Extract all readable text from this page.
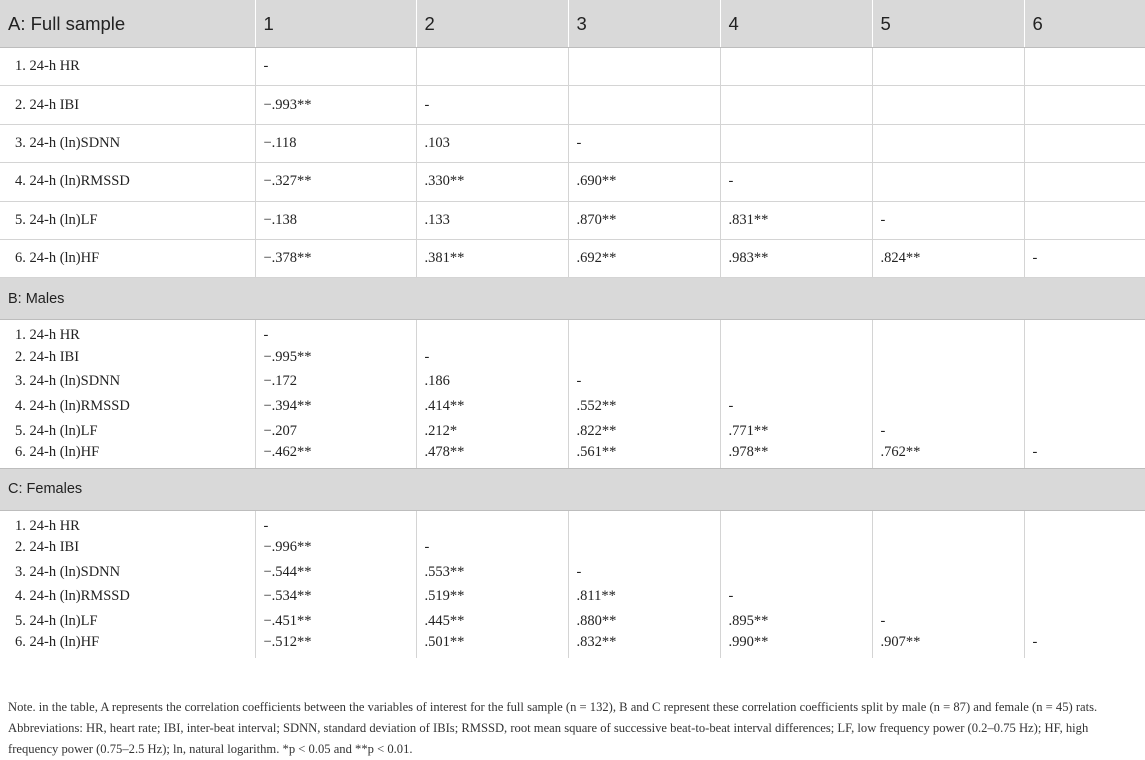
A: Full sample	1	2	3	4	5	6
1. 24-h HR	-					
2. 24-h IBI	−.993**	-				
3. 24-h (ln)SDNN	−.118	.103	-			
4. 24-h (ln)RMSSD	−.327**	.330**	.690**	-		
5. 24-h (ln)LF	−.138	.133	.870**	.831**	-	
6. 24-h (ln)HF	−.378**	.381**	.692**	.983**	.824**	-
B: Males						
1. 24-h HR	-					
2. 24-h IBI	−.995**	-				
3. 24-h (ln)SDNN	−.172	.186	-			
4. 24-h (ln)RMSSD	−.394**	.414**	.552**	-		
5. 24-h (ln)LF	−.207	.212*	.822**	.771**	-	
6. 24-h (ln)HF	−.462**	.478**	.561**	.978**	.762**	-
C: Females						
1. 24-h HR	-					
2. 24-h IBI	−.996**	-				
3. 24-h (ln)SDNN	−.544**	.553**	-			
4. 24-h (ln)RMSSD	−.534**	.519**	.811**	-		
5. 24-h (ln)LF	−.451**	.445**	.880**	.895**	-	
6. 24-h (ln)HF	−.512**	.501**	.832**	.990**	.907**	-
Note. in the table, A represents the correlation coefficients between the variables of interest for the full sample (n = 132), B and C represent these correlation coefficients split by male (n = 87) and female (n = 45) rats. Abbreviations: HR, heart rate; IBI, inter-beat interval; SDNN, standard deviation of IBIs; RMSSD, root mean square of successive beat-to-beat interval differences; LF, low frequency power (0.2–0.75 Hz); HF, high frequency power (0.75–2.5 Hz); ln, natural logarithm. *p < 0.05 and **p < 0.01.
